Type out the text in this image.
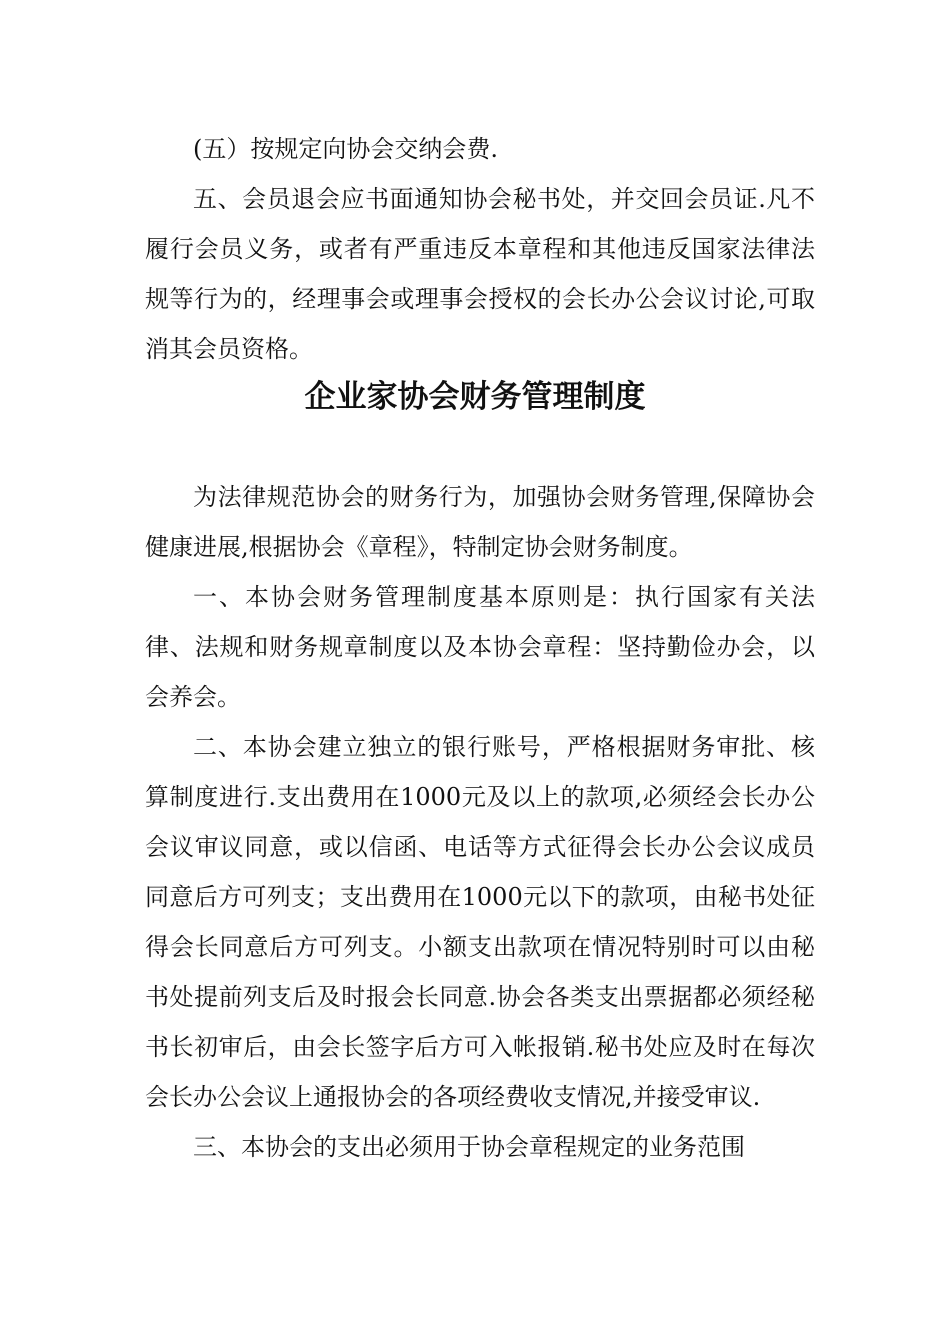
(五）按规定向协会交纳会费.

五、会员退会应书面通知协会秘书处，并交回会员证.凡不履行会员义务，或者有严重违反本章程和其他违反国家法律法规等行为的，经理事会或理事会授权的会长办公会议讨论,可取消其会员资格。

企业家协会财务管理制度

为法律规范协会的财务行为，加强协会财务管理,保障协会健康进展,根据协会《章程》，特制定协会财务制度。

一、本协会财务管理制度基本原则是：执行国家有关法律、法规和财务规章制度以及本协会章程：坚持勤俭办会，以会养会。

二、本协会建立独立的银行账号，严格根据财务审批、核算制度进行.支出费用在1000元及以上的款项,必须经会长办公会议审议同意，或以信函、电话等方式征得会长办公会议成员同意后方可列支；支出费用在1000元以下的款项，由秘书处征得会长同意后方可列支。小额支出款项在情况特别时可以由秘书处提前列支后及时报会长同意.协会各类支出票据都必须经秘书长初审后，由会长签字后方可入帐报销.秘书处应及时在每次会长办公会议上通报协会的各项经费收支情况,并接受审议.

三、本协会的支出必须用于协会章程规定的业务范围
